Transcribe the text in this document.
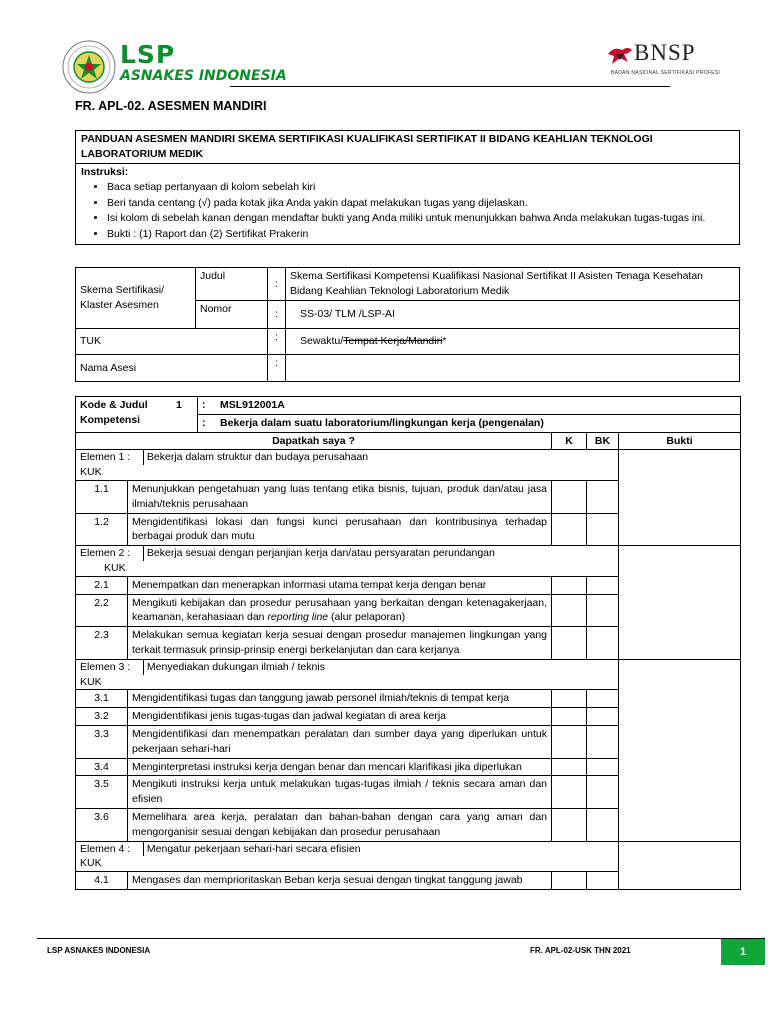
LSP
ASNAKES INDONESIA
BNSP
BADAN NASIONAL SERTIFIKASI PROFESI
FR. APL-02. ASESMEN MANDIRI
PANDUAN ASESMEN MANDIRI SKEMA SERTIFIKASI KUALIFIKASI SERTIFIKAT II BIDANG KEAHLIAN TEKNOLOGI LABORATORIUM MEDIK

Instruksi:
• Baca setiap pertanyaan di kolom sebelah kiri
• Beri tanda centang (√) pada kotak jika Anda yakin dapat melakukan tugas yang dijelaskan.
• Isi kolom di sebelah kanan dengan mendaftar bukti yang Anda miliki untuk menunjukkan bahwa Anda melakukan tugas-tugas ini.
• Bukti : (1) Raport dan (2) Sertifikat Prakerin
Skema Sertifikasi/ Klaster Asesmen	Judul	:	Skema Sertifikasi Kompetensi Kualifikasi Nasional Sertifikat II Asisten Tenaga Kesehatan Bidang Keahlian Teknologi Laboratorium Medik
	Nomor	:	SS-03/ TLM /LSP-AI
TUK		:	Sewaktu/Tempat Kerja/Mandiri*
Nama Asesi		:	
Kode & Judul
Kompetensi
1		: MSL912001A			
		: Bekerja dalam suatu laboratorium/lingkungan kerja (pengenalan)			
Dapatkah saya ?			K	BK	Bukti
Elemen 1 : Bekerja dalam struktur dan budaya perusahaan
KUK					

1.1	Menunjukkan pengetahuan yang luas tentang etika bisnis, tujuan, produk dan/atau jasa ilmiah/teknis perusahaan				
1.2	Mengidentifikasi lokasi dan fungsi kunci perusahaan dan kontribusinya terhadap berbagai produk dan mutu				
Elemen 2 : Bekerja sesuai dengan perjanjian kerja dan/atau persyaratan perundangan
KUK					

2.1	Menempatkan dan menerapkan informasi utama tempat kerja dengan benar				
2.2	Mengikuti kebijakan dan prosedur perusahaan yang berkaitan dengan ketenagakerjaan, keamanan, kerahasiaan dan reporting line (alur pelaporan)				
2.3	Melakukan semua kegiatan kerja sesuai dengan prosedur manajemen lingkungan yang terkait termasuk prinsip-prinsip energi berkelanjutan dan cara kerjanya				
Elemen 3 : Menyediakan dukungan ilmiah / teknis
KUK					

3.1	Mengidentifikasi tugas dan tanggung jawab personel ilmiah/teknis di tempat kerja				
3.2	Mengidentifikasi jenis tugas-tugas dan jadwal kegiatan di area kerja				
3.3	Mengidentifikasi dan menempatkan peralatan dan sumber daya yang diperlukan untuk pekerjaan sehari-hari				
3.4	Menginterpretasi instruksi kerja dengan benar dan mencari klarifikasi jika diperlukan				
3.5	Mengikuti instruksi kerja untuk melakukan tugas-tugas ilmiah / teknis secara aman dan efisien				
3.6	Memelihara area kerja, peralatan dan bahan-bahan dengan cara yang aman dan mengorganisir sesuai dengan kebijakan dan prosedur perusahaan				
Elemen 4 : Mengatur pekerjaan sehari-hari secara efisien
KUK					

4.1	Mengases dan memprioritaskan Beban kerja sesuai dengan tingkat tanggung jawab				
LSP ASNAKES INDONESIA	FR. APL-02-USK THN 2021	1
